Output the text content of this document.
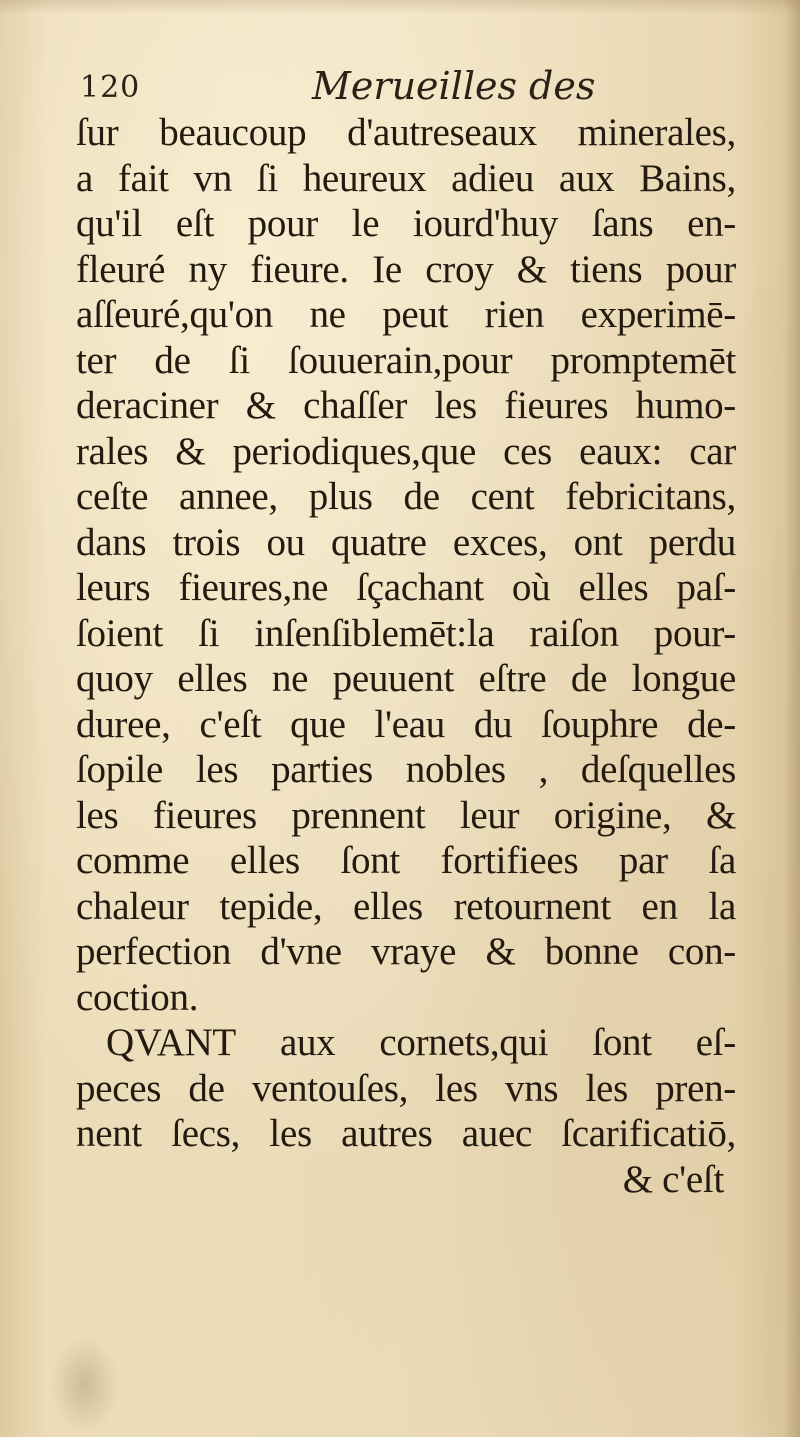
120	Merueilles des
ſur beaucoup d'autreseaux minerales,
a fait vn ſi heureux adieu aux Bains,
qu'il eſt pour le iourd'huy ſans en-
fleuré ny fieure. Ie croy & tiens pour
aſſeuré,qu'on ne peut rien experimē-
ter de ſi ſouuerain,pour promptemēt
deraciner & chaſſer les fieures humo-
rales & periodiques,que ces eaux: car
ceſte annee, plus de cent febricitans,
dans trois ou quatre exces, ont perdu
leurs fieures,ne ſçachant où elles paſ-
ſoient ſi inſenſiblemēt:la raiſon pour-
quoy elles ne peuuent eſtre de longue
duree, c'eſt que l'eau du ſouphre de-
ſopile les parties nobles , deſquelles
les fieures prennent leur origine, &
comme elles ſont fortifiees par ſa
chaleur tepide, elles retournent en la
perfection d'vne vraye & bonne con-
coction.
QVANT aux cornets,qui ſont eſ-
peces de ventouſes, les vns les pren-
nent ſecs, les autres auec ſcarificatiō,
& c'eſt
